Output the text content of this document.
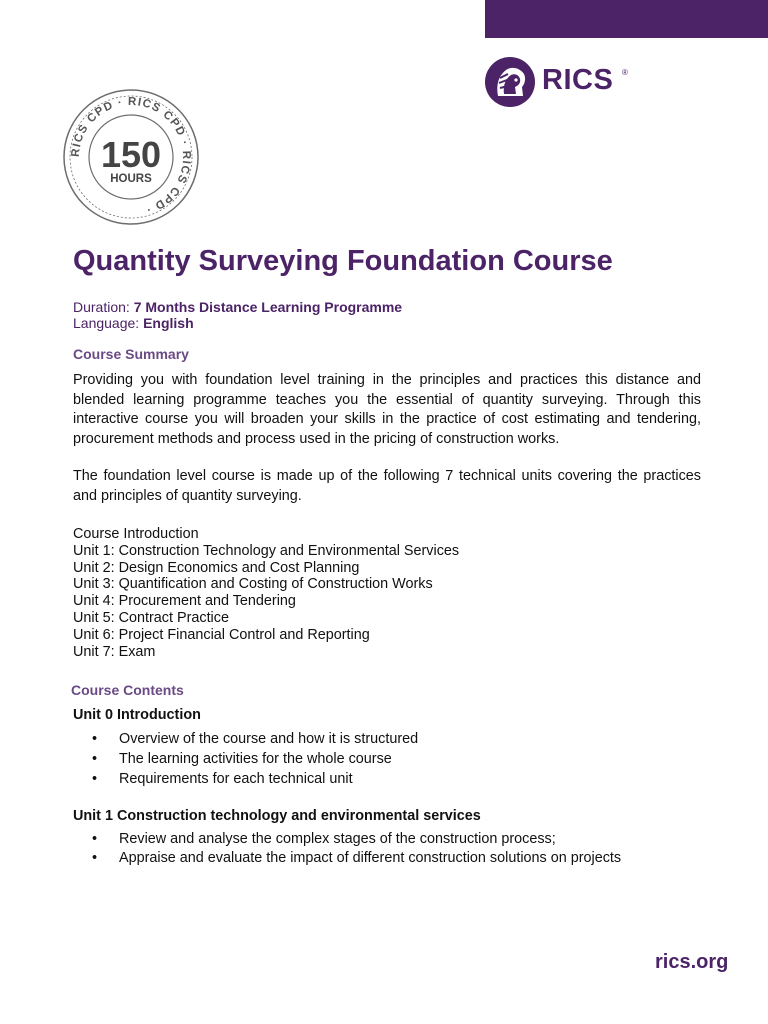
RICS ®
RICS CPD · RICS CPD · RICS CPD ·
150
HOURS
Quantity Surveying Foundation Course
Duration: 7 Months Distance Learning Programme
Language: English
Course Summary

Providing you with foundation level training in the principles and practices this distance and blended learning programme teaches you the essential of quantity surveying. Through this interactive course you will broaden your skills in the practice of cost estimating and tendering, procurement methods and process used in the pricing of construction works.

The foundation level course is made up of the following 7 technical units covering the practices and principles of quantity surveying.

Course Introduction
Unit 1: Construction Technology and Environmental Services
Unit 2: Design Economics and Cost Planning
Unit 3: Quantification and Costing of Construction Works
Unit 4: Procurement and Tendering
Unit 5: Contract Practice
Unit 6: Project Financial Control and Reporting
Unit 7: Exam
Course Contents
Unit 0 Introduction
• Overview of the course and how it is structured
• The learning activities for the whole course
• Requirements for each technical unit
Unit 1 Construction technology and environmental services
• Review and analyse the complex stages of the construction process;
• Appraise and evaluate the impact of different construction solutions on projects
rics.org
